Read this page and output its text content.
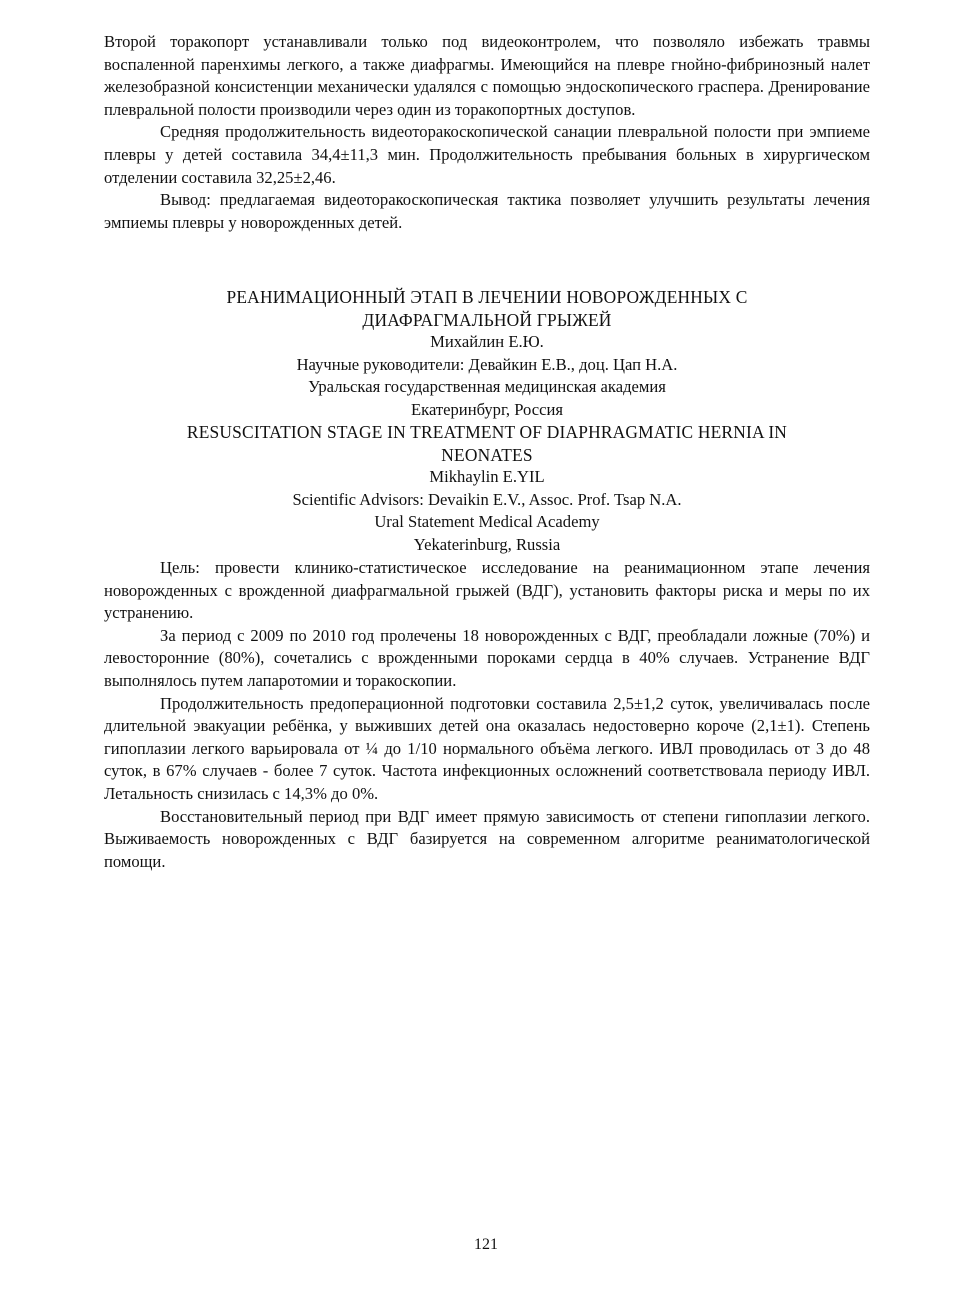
Второй торакопорт устанавливали только под видеоконтролем, что позволяло избежать травмы воспаленной паренхимы легкого, а также диафрагмы. Имеющийся на плевре гнойно-фибринозный налет железобразной консистенции механически удалялся с помощью эндоскопического граспера. Дренирование плевральной полости производили через один из торакопортных доступов.

Средняя продолжительность видеоторакоскопической санации плевральной полости при эмпиеме плевры у детей составила 34,4±11,3 мин. Продолжительность пребывания больных в хирургическом отделении составила 32,25±2,46.

Вывод: предлагаемая видеоторакоскопическая тактика позволяет улучшить результаты лечения эмпиемы плевры у новорожденных детей.

РЕАНИМАЦИОННЫЙ ЭТАП В ЛЕЧЕНИИ НОВОРОЖДЕННЫХ С
ДИАФРАГМАЛЬНОЙ ГРЫЖЕЙ
Михайлин Е.Ю.
Научные руководители: Девайкин Е.В., доц. Цап Н.А.
Уральская государственная медицинская академия
Екатеринбург, Россия
RESUSCITATION STAGE IN TREATMENT OF DIAPHRAGMATIC HERNIA IN
NEONATES
Mikhaylin E.YIL
Scientific Advisors: Devaikin E.V., Assoc. Prof. Tsap N.A.
Ural Statement Medical Academy
Yekaterinburg, Russia

Цель: провести клинико-статистическое исследование на реанимационном этапе лечения новорожденных с врожденной диафрагмальной грыжей (ВДГ), установить факторы риска и меры по их устранению.

За период с 2009 по 2010 год пролечены 18 новорожденных с ВДГ, преобладали ложные (70%) и левосторонние (80%), сочетались с врожденными пороками сердца в 40% случаев. Устранение ВДГ выполнялось путем лапаротомии и торакоскопии.

Продолжительность предоперационной подготовки составила 2,5±1,2 суток, увеличивалась после длительной эвакуации ребёнка, у выживших детей она оказалась недостоверно короче (2,1±1). Степень гипоплазии легкого варьировала от ¼ до 1/10 нормального объёма легкого. ИВЛ проводилась от 3 до 48 суток, в 67% случаев - более 7 суток. Частота инфекционных осложнений соответствовала периоду ИВЛ. Летальность снизилась с 14,3% до 0%.

Восстановительный период при ВДГ имеет прямую зависимость от степени гипоплазии легкого. Выживаемость новорожденных с ВДГ базируется на современном алгоритме реаниматологической помощи.

121
